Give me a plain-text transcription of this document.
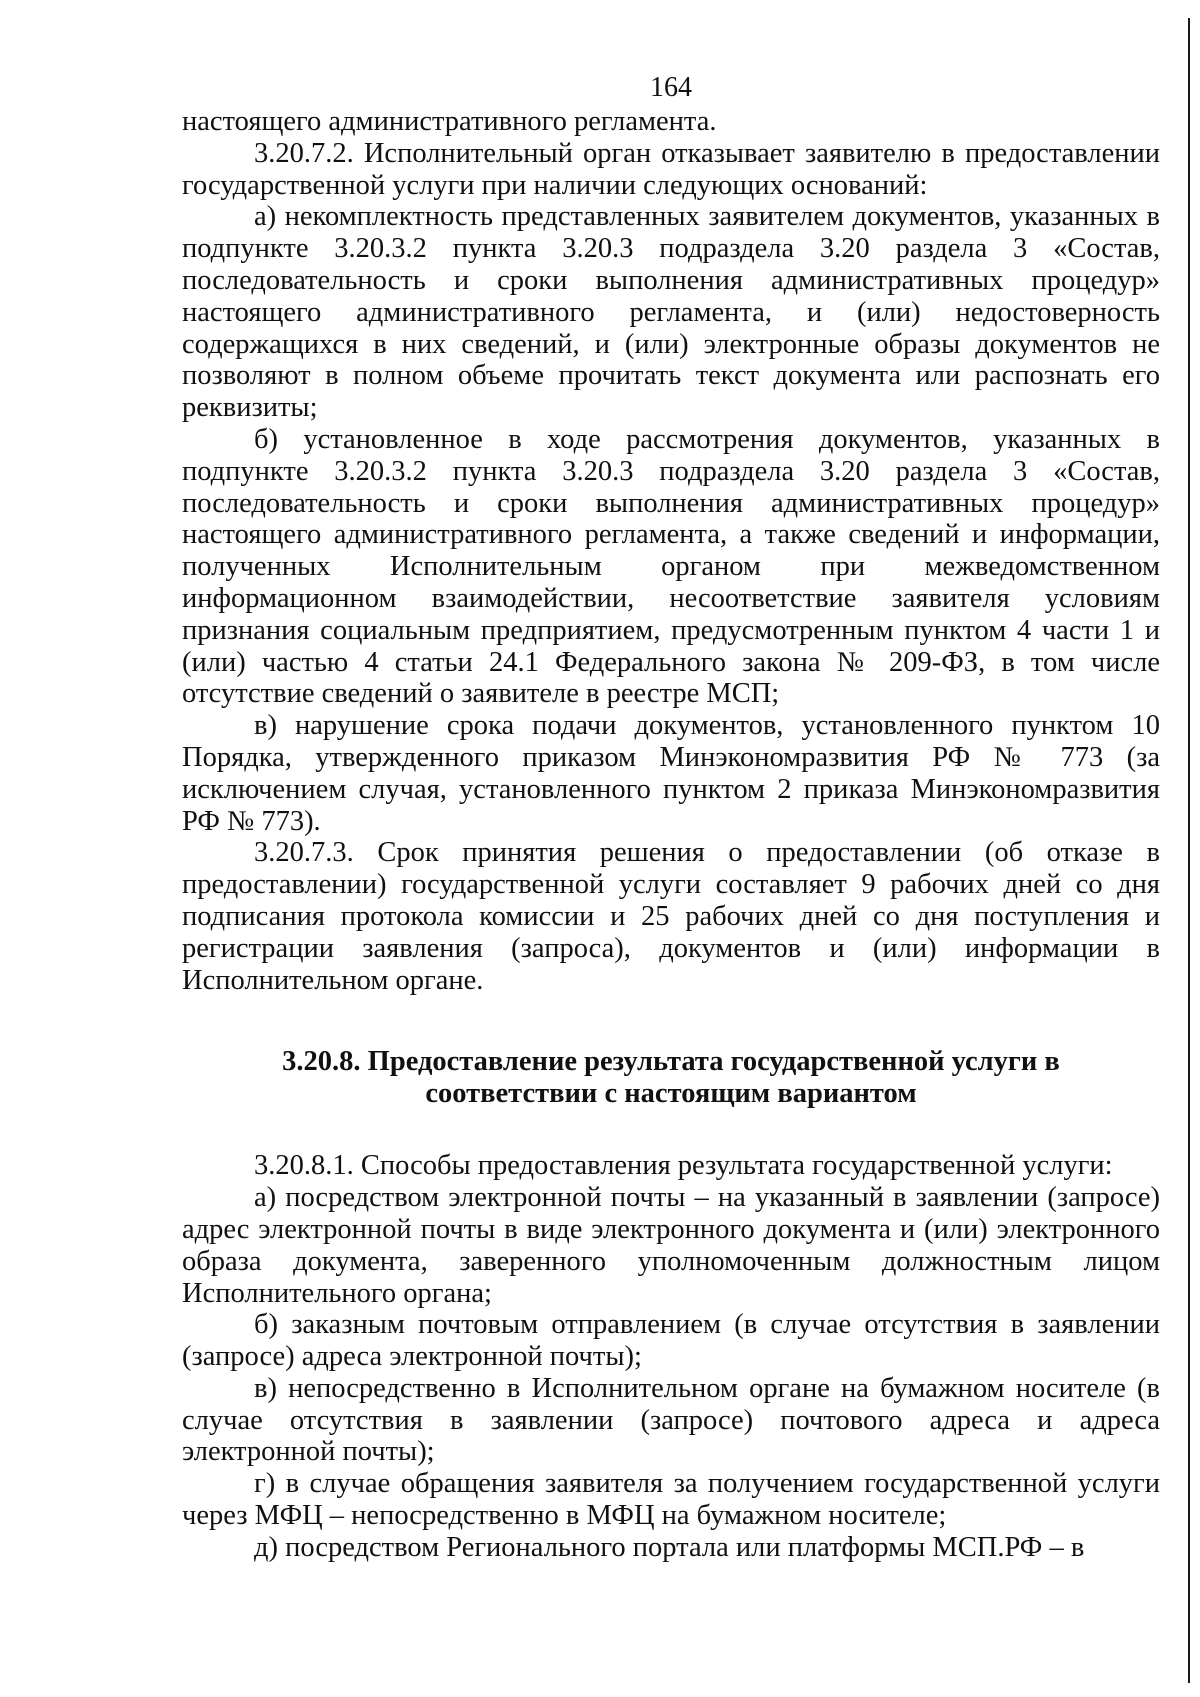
164

настоящего административного регламента.

3.20.7.2. Исполнительный орган отказывает заявителю в предоставлении государственной услуги при наличии следующих оснований:

а) некомплектность представленных заявителем документов, указанных в подпункте 3.20.3.2 пункта 3.20.3 подраздела 3.20 раздела 3 «Состав, последовательность и сроки выполнения административных процедур» настоящего административного регламента, и (или) недостоверность содержащихся в них сведений, и (или) электронные образы документов не позволяют в полном объеме прочитать текст документа или распознать его реквизиты;

б) установленное в ходе рассмотрения документов, указанных в подпункте 3.20.3.2 пункта 3.20.3 подраздела 3.20 раздела 3 «Состав, последовательность и сроки выполнения административных процедур» настоящего административного регламента, а также сведений и информации, полученных Исполнительным органом при межведомственном информационном взаимодействии, несоответствие заявителя условиям признания социальным предприятием, предусмотренным пунктом 4 части 1 и (или) частью 4 статьи 24.1 Федерального закона № 209-ФЗ, в том числе отсутствие сведений о заявителе в реестре МСП;

в) нарушение срока подачи документов, установленного пунктом 10 Порядка, утвержденного приказом Минэкономразвития РФ № 773 (за исключением случая, установленного пунктом 2 приказа Минэкономразвития РФ № 773).

3.20.7.3. Срок принятия решения о предоставлении (об отказе в предоставлении) государственной услуги составляет 9 рабочих дней со дня подписания протокола комиссии и 25 рабочих дней со дня поступления и регистрации заявления (запроса), документов и (или) информации в Исполнительном органе.

3.20.8. Предоставление результата государственной услуги в
соответствии с настоящим вариантом

3.20.8.1. Способы предоставления результата государственной услуги:

а) посредством электронной почты – на указанный в заявлении (запросе) адрес электронной почты в виде электронного документа и (или) электронного образа документа, заверенного уполномоченным должностным лицом Исполнительного органа;

б) заказным почтовым отправлением (в случае отсутствия в заявлении (запросе) адреса электронной почты);

в) непосредственно в Исполнительном органе на бумажном носителе (в случае отсутствия в заявлении (запросе) почтового адреса и адреса электронной почты);

г) в случае обращения заявителя за получением государственной услуги через МФЦ – непосредственно в МФЦ на бумажном носителе;

д) посредством Регионального портала или платформы МСП.РФ – в
